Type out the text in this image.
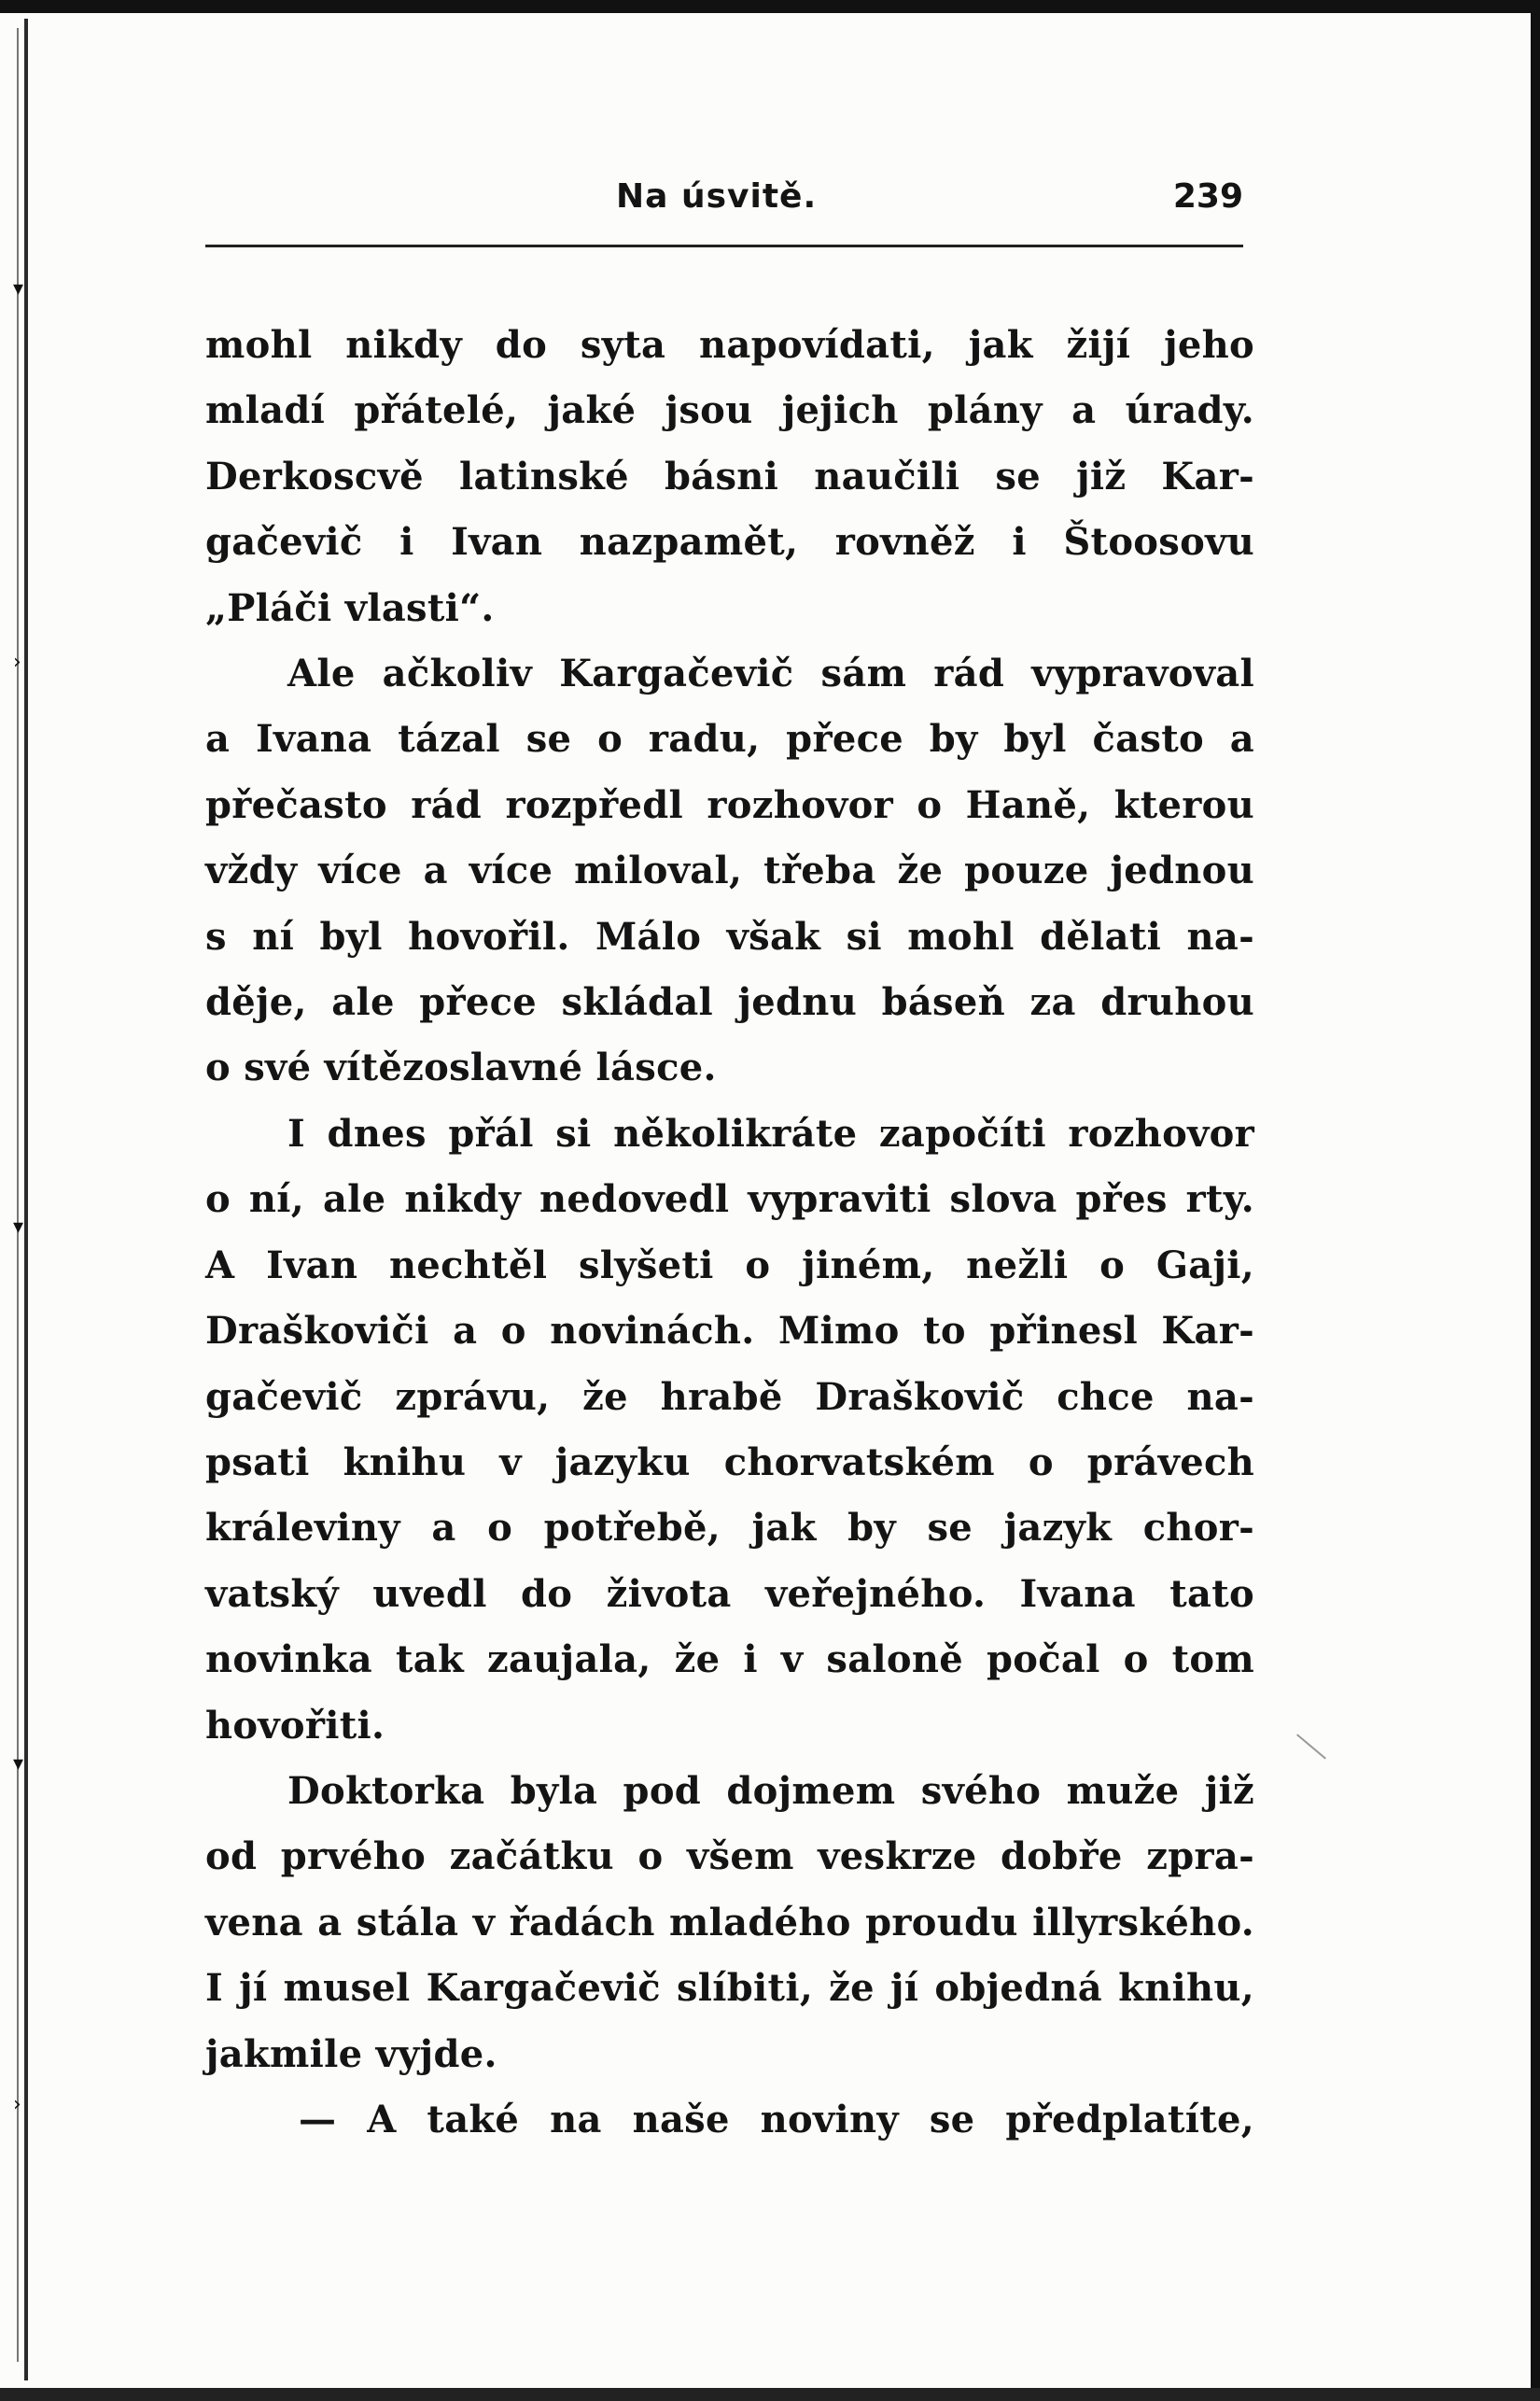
▾
›
▾
▾
›
Na úsvitě.	239
mohl nikdy do syta napovídati, jak žijí jeho
mladí přátelé, jaké jsou jejich plány a úrady.
Derkoscvě latinské básni naučili se již Kar-
gačevič i Ivan nazpamět, rovněž i Štoosovu
„Pláči vlasti“.
Ale ačkoliv Kargačevič sám rád vypravoval
a Ivana tázal se o radu, přece by byl často a
přečasto rád rozpředl rozhovor o Haně, kterou
vždy více a více miloval, třeba že pouze jednou
s ní byl hovořil. Málo však si mohl dělati na-
děje, ale přece skládal jednu báseň za druhou
o své vítězoslavné lásce.
I dnes přál si několikráte započíti rozhovor
o ní, ale nikdy nedovedl vypraviti slova přes rty.
A Ivan nechtěl slyšeti o jiném, nežli o Gaji,
Draškoviči a o novinách. Mimo to přinesl Kar-
gačevič zprávu, že hrabě Draškovič chce na-
psati knihu v jazyku chorvatském o právech
králeviny a o potřebě, jak by se jazyk chor-
vatský uvedl do života veřejného. Ivana tato
novinka tak zaujala, že i v saloně počal o tom
hovořiti.
Doktorka byla pod dojmem svého muže již
od prvého začátku o všem veskrze dobře zpra-
vena a stála v řadách mladého proudu illyrského.
I jí musel Kargačevič slíbiti, že jí objedná knihu,
jakmile vyjde.
— A také na naše noviny se předplatíte,
